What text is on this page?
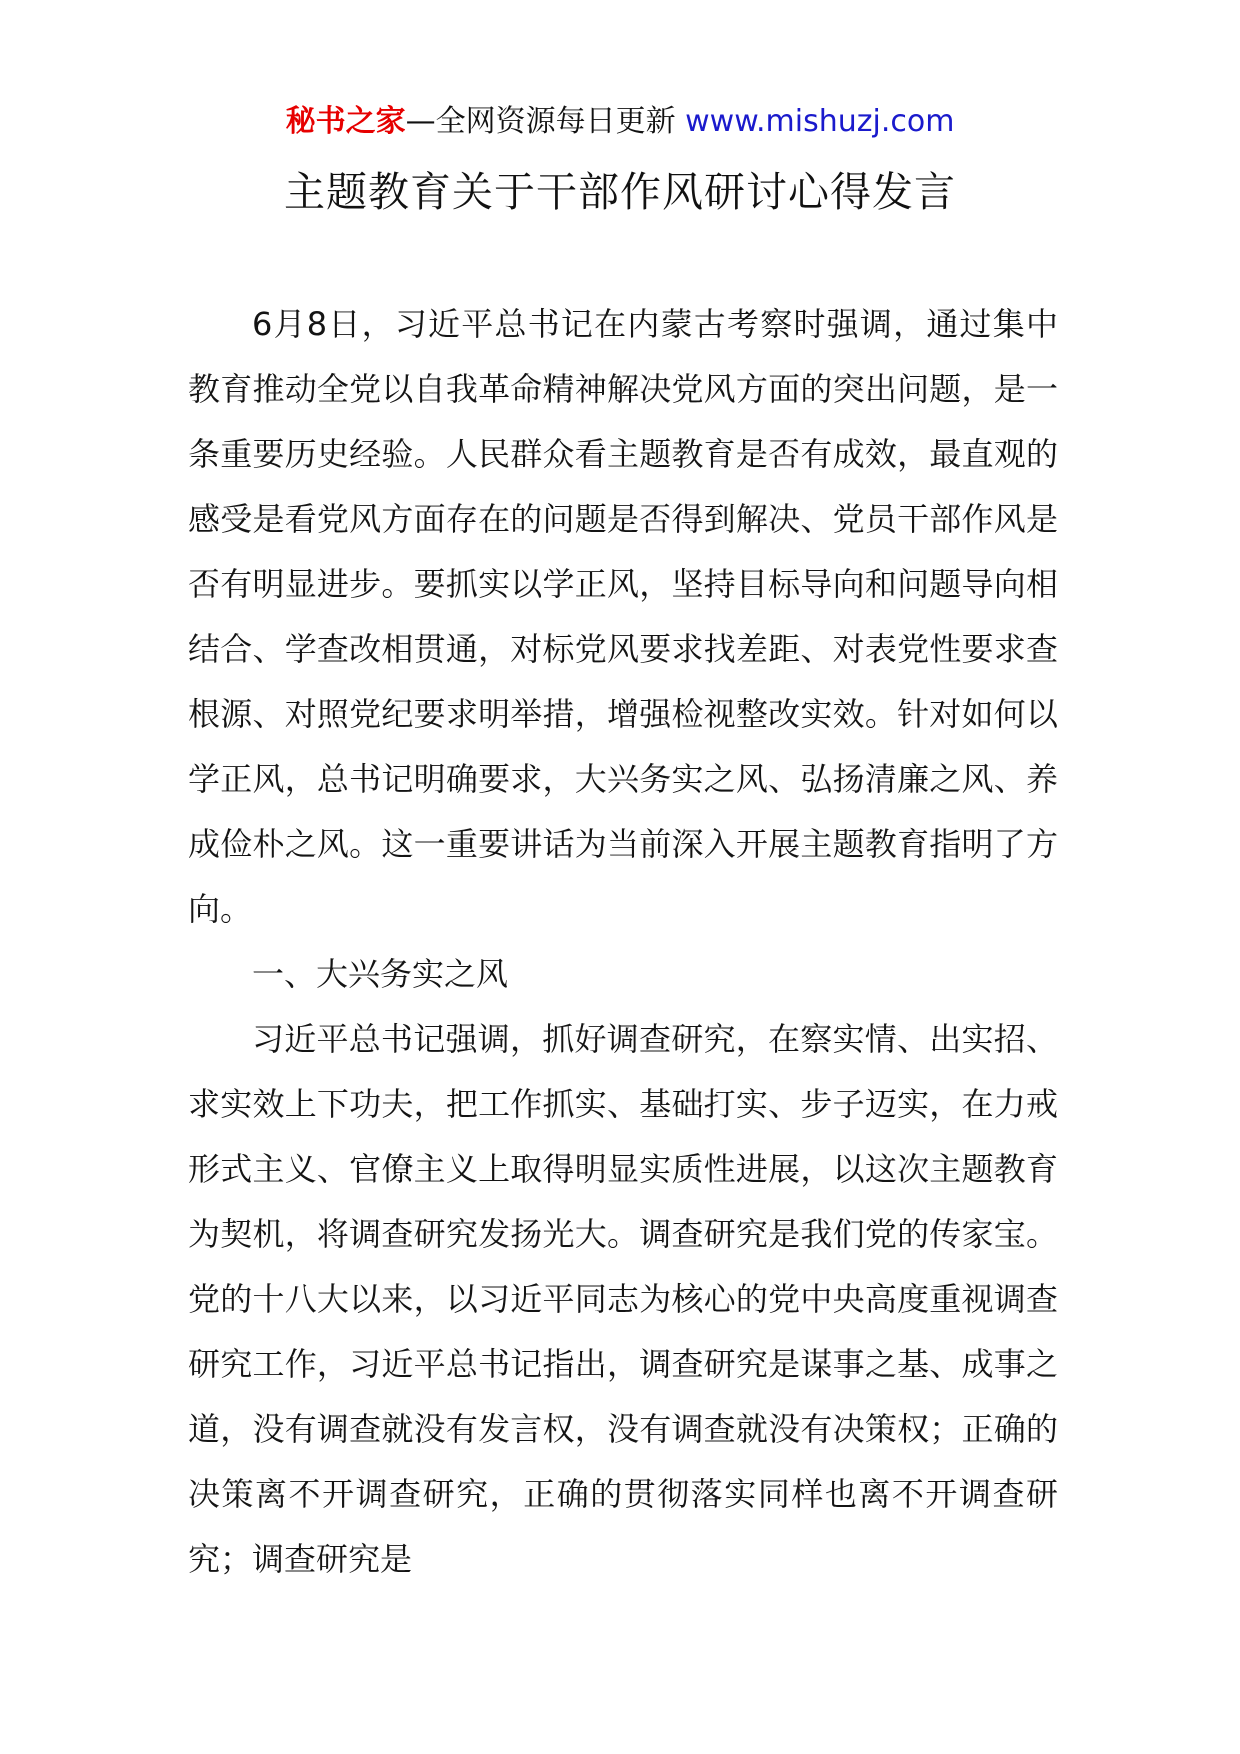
秘书之家—全网资源每日更新 www.mishuzj.com
主题教育关于干部作风研讨心得发言

6月8日，习近平总书记在内蒙古考察时强调，通过集中教育推动全党以自我革命精神解决党风方面的突出问题，是一条重要历史经验。人民群众看主题教育是否有成效，最直观的感受是看党风方面存在的问题是否得到解决、党员干部作风是否有明显进步。要抓实以学正风，坚持目标导向和问题导向相结合、学查改相贯通，对标党风要求找差距、对表党性要求查根源、对照党纪要求明举措，增强检视整改实效。针对如何以学正风，总书记明确要求，大兴务实之风、弘扬清廉之风、养成俭朴之风。这一重要讲话为当前深入开展主题教育指明了方向。

一、大兴务实之风

习近平总书记强调，抓好调查研究，在察实情、出实招、求实效上下功夫，把工作抓实、基础打实、步子迈实，在力戒形式主义、官僚主义上取得明显实质性进展，以这次主题教育为契机，将调查研究发扬光大。调查研究是我们党的传家宝。党的十八大以来，以习近平同志为核心的党中央高度重视调查研究工作，习近平总书记指出，调查研究是谋事之基、成事之道，没有调查就没有发言权，没有调查就没有决策权；正确的决策离不开调查研究，正确的贯彻落实同样也离不开调查研究；调查研究是
